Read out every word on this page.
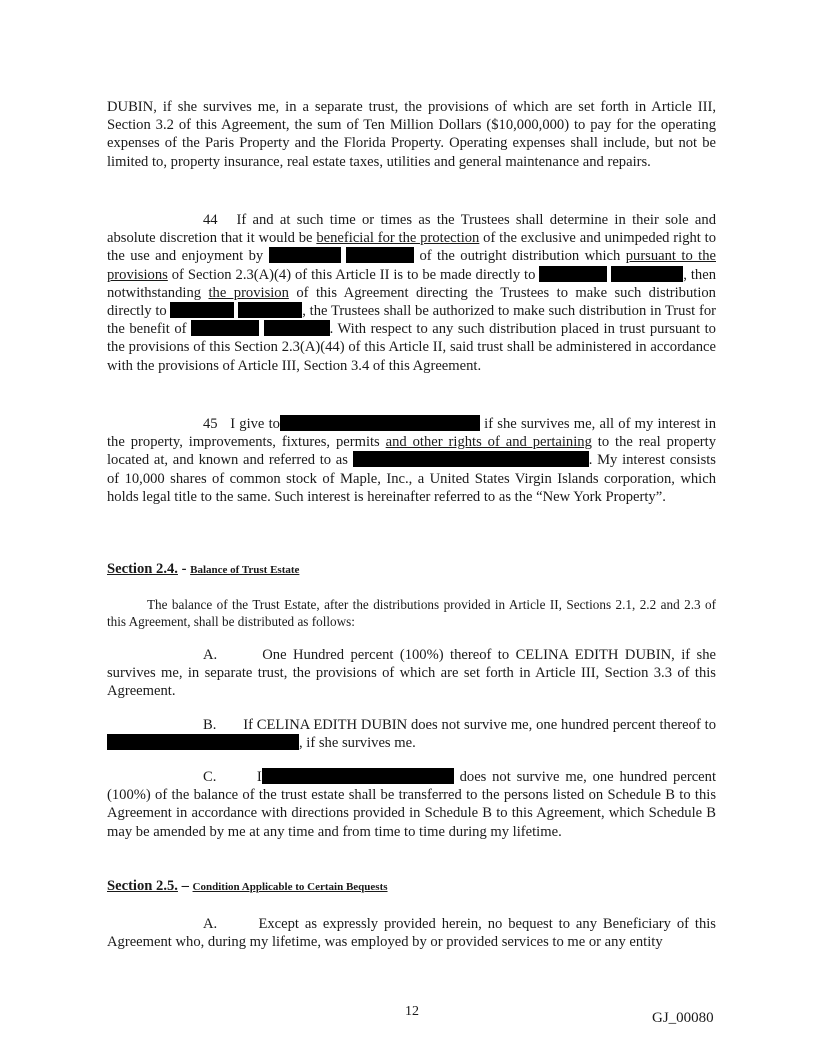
DUBIN, if she survives me, in a separate trust, the provisions of which are set forth in Article III, Section 3.2 of this Agreement, the sum of Ten Million Dollars ($10,000,000) to pay for the operating expenses of the Paris Property and the Florida Property. Operating expenses shall include, but not be limited to, property insurance, real estate taxes, utilities and general maintenance and repairs.

44 If and at such time or times as the Trustees shall determine in their sole and absolute discretion that it would be beneficial for the protection of the exclusive and unimpeded right to the use and enjoyment by	of the outright distribution which pursuant to the provisions of Section 2.3(A)(4) of this Article II is to be made directly to	, then notwithstanding the provision of this Agreement directing the Trustees to make such distribution directly to	, the Trustees shall be authorized to make such distribution in Trust for the benefit of	. With respect to any such distribution placed in trust pursuant to the provisions of this Section 2.3(A)(44) of this Article II, said trust shall be administered in accordance with the provisions of Article III, Section 3.4 of this Agreement.

45 I give to	if she survives me, all of my interest in the property, improvements, fixtures, permits and other rights of and pertaining to the real property located at, and known and referred to as	. My interest consists of 10,000 shares of common stock of Maple, Inc., a United States Virgin Islands corporation, which holds legal title to the same. Such interest is hereinafter referred to as the “New York Property”.

Section 2.4. - Balance of Trust Estate

The balance of the Trust Estate, after the distributions provided in Article II, Sections 2.1, 2.2 and 2.3 of this Agreement, shall be distributed as follows:

A.	One Hundred percent (100%) thereof to CELINA EDITH DUBIN, if she survives me, in separate trust, the provisions of which are set forth in Article III, Section 3.3 of this Agreement.

B. If CELINA EDITH DUBIN does not survive me, one hundred percent thereof to, if she survives me.

C.	I	does not survive me, one hundred percent (100%) of the balance of the trust estate shall be transferred to the persons listed on Schedule B to this Agreement in accordance with directions provided in Schedule B to this Agreement, which Schedule B may be amended by me at any time and from time to time during my lifetime.

Section 2.5. – Condition Applicable to Certain Bequests

A.	Except as expressly provided herein, no bequest to any Beneficiary of this Agreement who, during my lifetime, was employed by or provided services to me or any entity

12	GJ_00080
